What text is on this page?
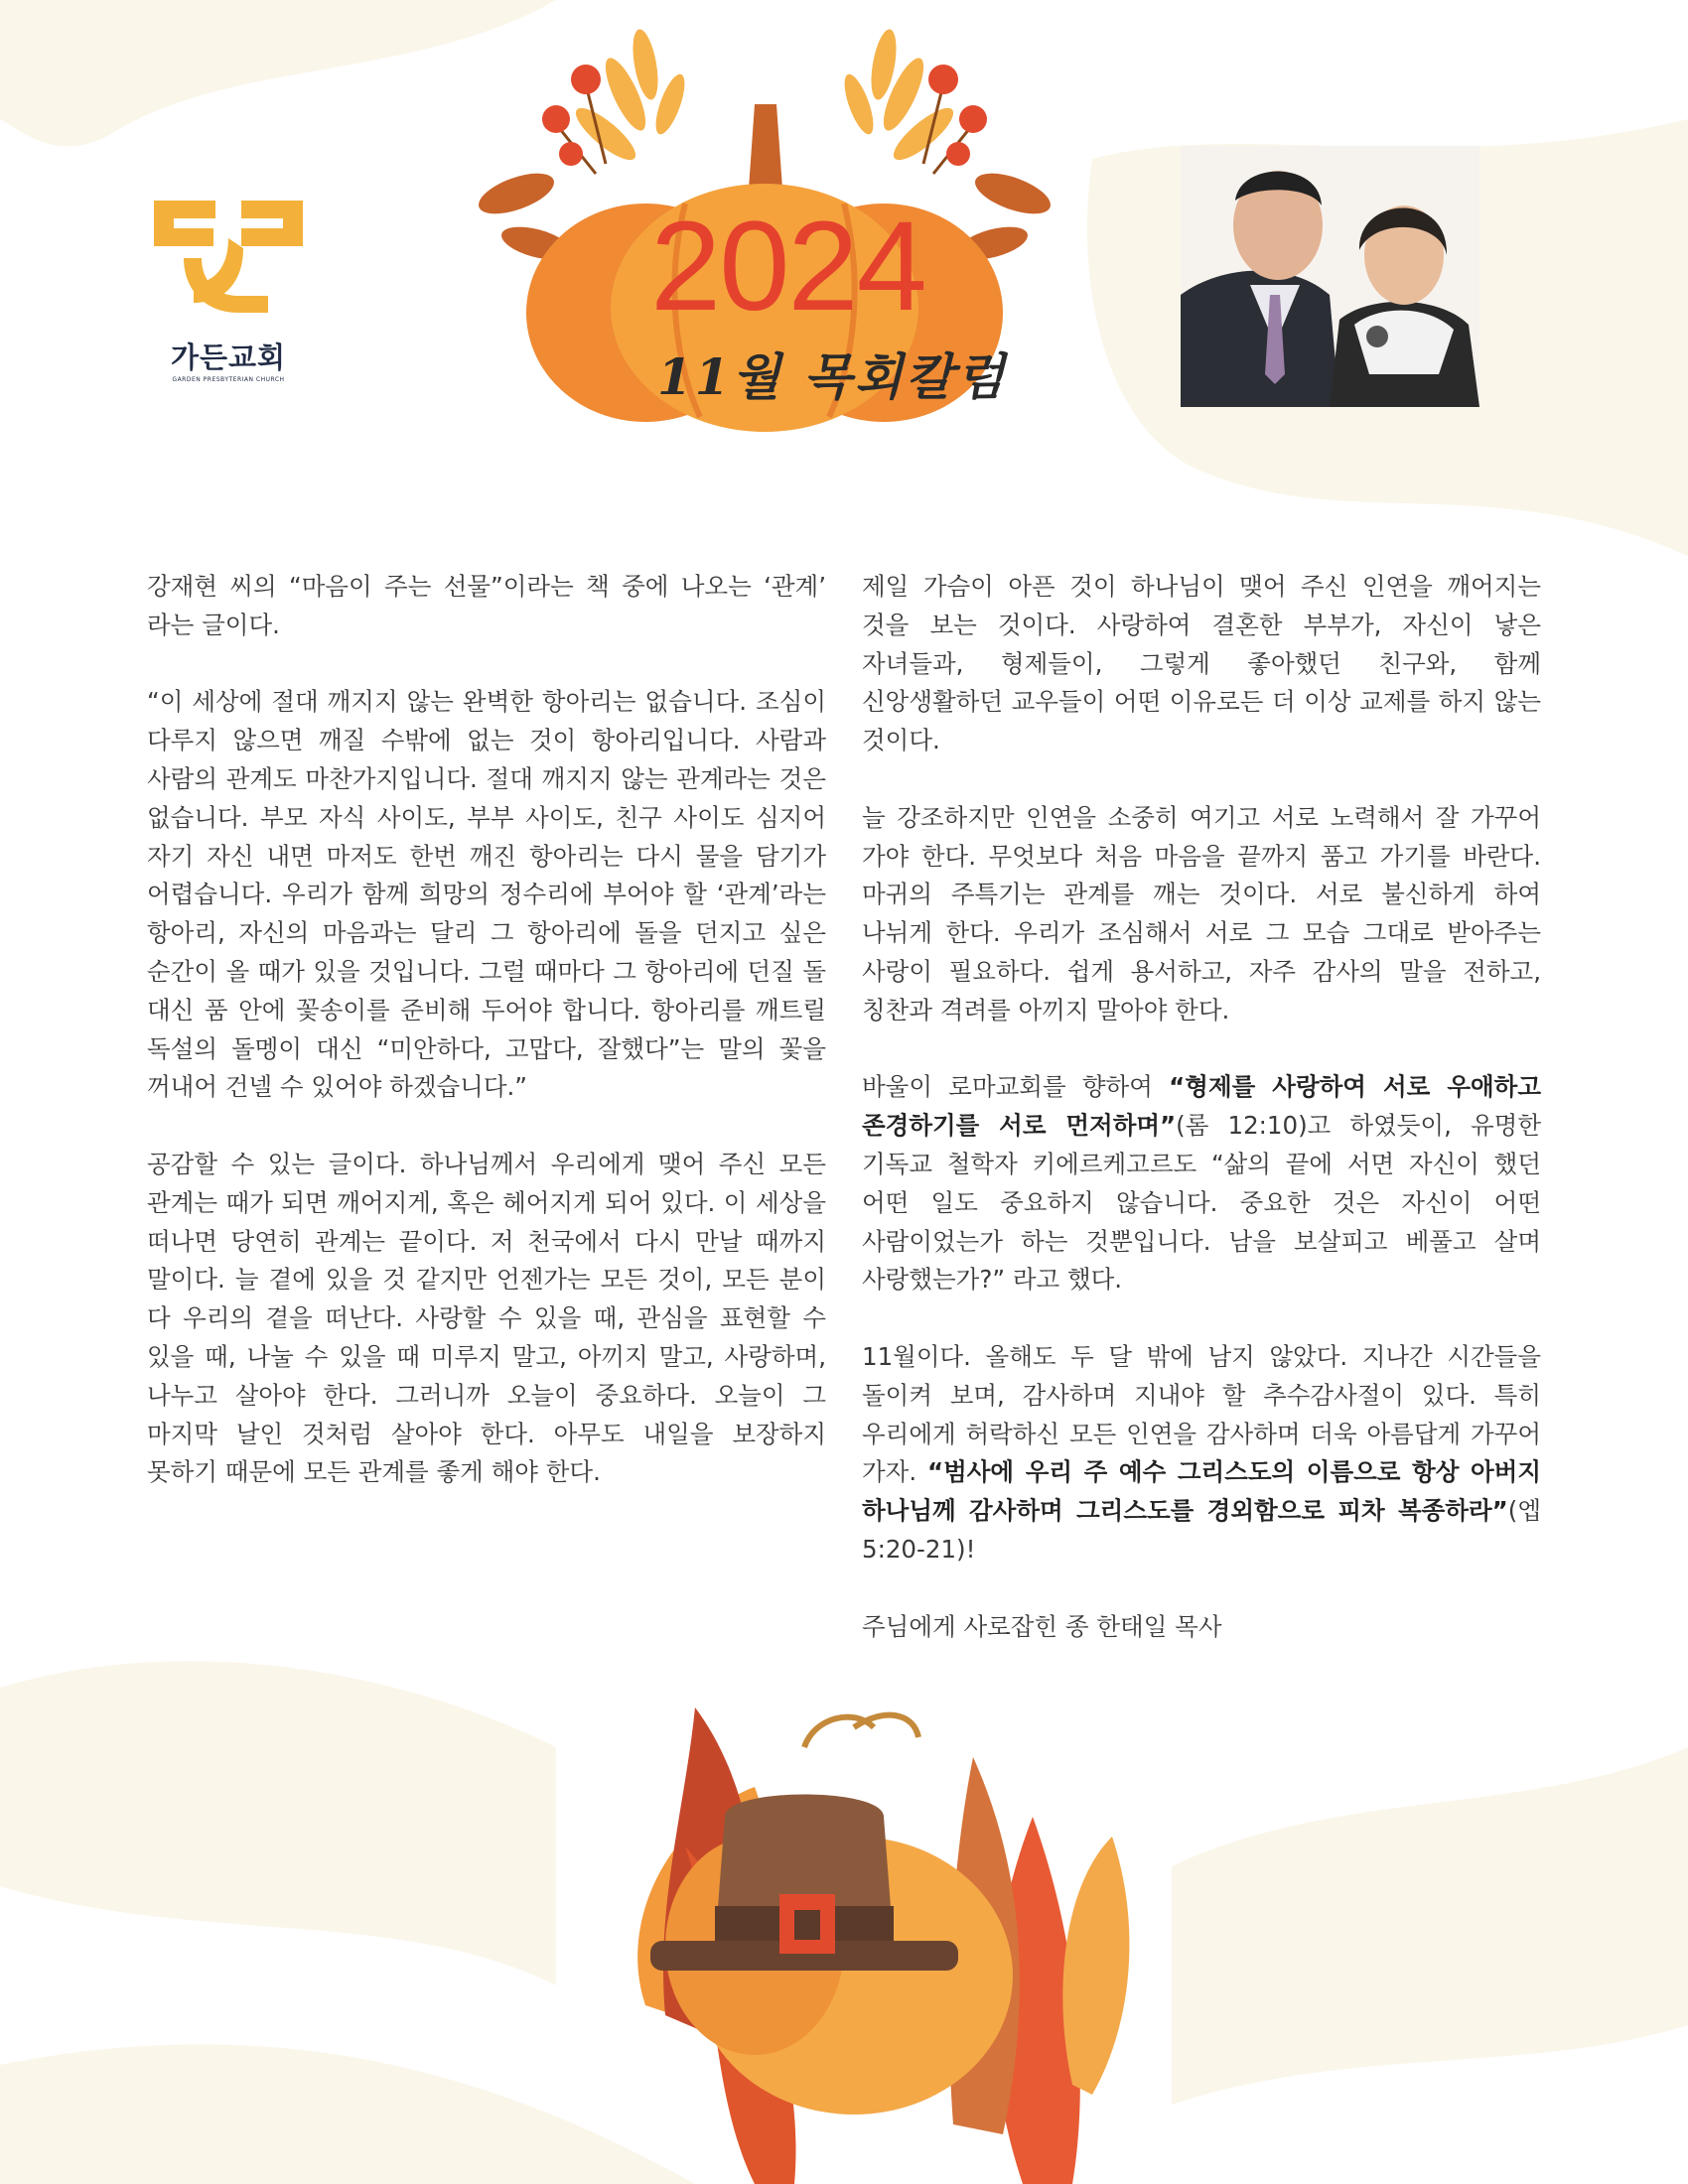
가든교회
GARDEN PRESBYTERIAN CHURCH
2024
11월 목회칼럼

강재현 씨의 “마음이 주는 선물”이라는 책 중에 나오는 ‘관계’ 라는 글이다.

“이 세상에 절대 깨지지 않는 완벽한 항아리는 없습니다. 조심이 다루지 않으면 깨질 수밖에 없는 것이 항아리입니다. 사람과 사람의 관계도 마찬가지입니다. 절대 깨지지 않는 관계라는 것은 없습니다. 부모 자식 사이도, 부부 사이도, 친구 사이도 심지어 자기 자신 내면 마저도 한번 깨진 항아리는 다시 물을 담기가 어렵습니다. 우리가 함께 희망의 정수리에 부어야 할 ‘관계’라는 항아리, 자신의 마음과는 달리 그 항아리에 돌을 던지고 싶은 순간이 올 때가 있을 것입니다. 그럴 때마다 그 항아리에 던질 돌 대신 품 안에 꽃송이를 준비해 두어야 합니다. 항아리를 깨트릴 독설의 돌멩이 대신 “미안하다, 고맙다, 잘했다”는 말의 꽃을 꺼내어 건넬 수 있어야 하겠습니다.”

공감할 수 있는 글이다. 하나님께서 우리에게 맺어 주신 모든 관계는 때가 되면 깨어지게, 혹은 헤어지게 되어 있다. 이 세상을 떠나면 당연히 관계는 끝이다. 저 천국에서 다시 만날 때까지 말이다. 늘 곁에 있을 것 같지만 언젠가는 모든 것이, 모든 분이 다 우리의 곁을 떠난다. 사랑할 수 있을 때, 관심을 표현할 수 있을 때, 나눌 수 있을 때 미루지 말고, 아끼지 말고, 사랑하며, 나누고 살아야 한다. 그러니까 오늘이 중요하다. 오늘이 그 마지막 날인 것처럼 살아야 한다. 아무도 내일을 보장하지 못하기 때문에 모든 관계를 좋게 해야 한다.

제일 가슴이 아픈 것이 하나님이 맺어 주신 인연을 깨어지는 것을 보는 것이다. 사랑하여 결혼한 부부가, 자신이 낳은 자녀들과, 형제들이, 그렇게 좋아했던 친구와, 함께 신앙생활하던 교우들이 어떤 이유로든 더 이상 교제를 하지 않는 것이다.

늘 강조하지만 인연을 소중히 여기고 서로 노력해서 잘 가꾸어 가야 한다. 무엇보다 처음 마음을 끝까지 품고 가기를 바란다. 마귀의 주특기는 관계를 깨는 것이다. 서로 불신하게 하여 나뉘게 한다. 우리가 조심해서 서로 그 모습 그대로 받아주는 사랑이 필요하다. 쉽게 용서하고, 자주 감사의 말을 전하고, 칭찬과 격려를 아끼지 말아야 한다.

바울이 로마교회를 향하여 “형제를 사랑하여 서로 우애하고 존경하기를 서로 먼저하며”(롬 12:10)고 하였듯이, 유명한 기독교 철학자 키에르케고르도 “삶의 끝에 서면 자신이 했던 어떤 일도 중요하지 않습니다. 중요한 것은 자신이 어떤 사람이었는가 하는 것뿐입니다. 남을 보살피고 베풀고 살며 사랑했는가?” 라고 했다.

11월이다. 올해도 두 달 밖에 남지 않았다. 지나간 시간들을 돌이켜 보며, 감사하며 지내야 할 추수감사절이 있다. 특히 우리에게 허락하신 모든 인연을 감사하며 더욱 아름답게 가꾸어 가자. “범사에 우리 주 예수 그리스도의 이름으로 항상 아버지 하나님께 감사하며 그리스도를 경외함으로 피차 복종하라”(엡 5:20-21)!

주님에게 사로잡힌 종 한태일 목사
